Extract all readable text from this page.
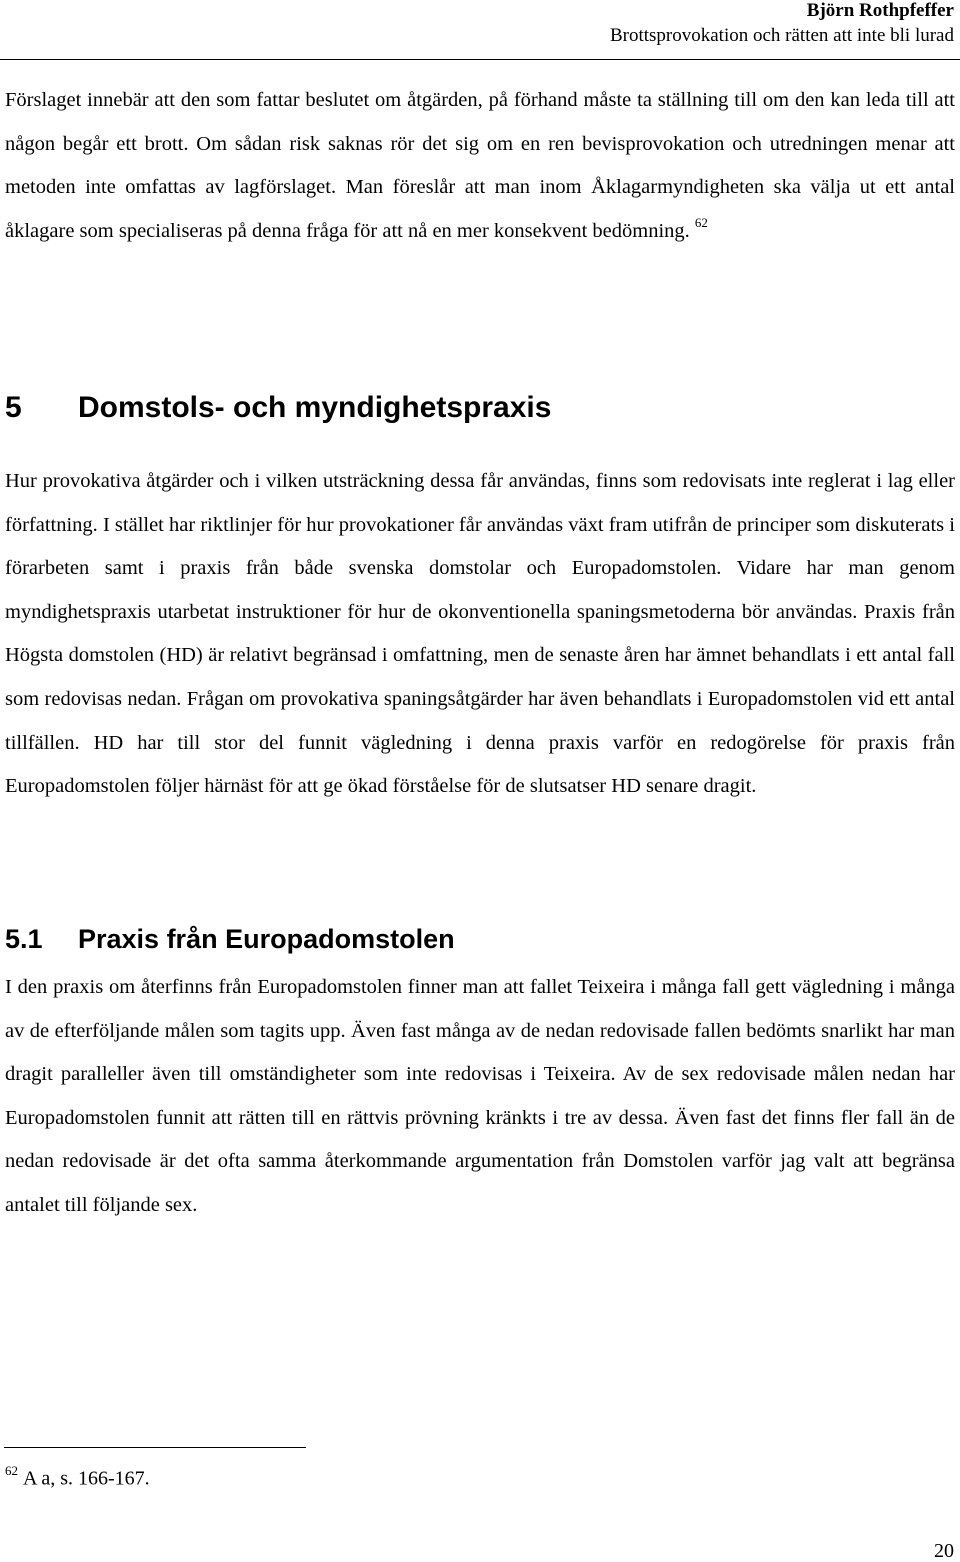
Björn Rothpfeffer
Brottsprovokation och rätten att inte bli lurad

Förslaget innebär att den som fattar beslutet om åtgärden, på förhand måste ta ställning till om den kan leda till att någon begår ett brott. Om sådan risk saknas rör det sig om en ren bevisprovokation och utredningen menar att metoden inte omfattas av lagförslaget. Man föreslår att man inom Åklagarmyndigheten ska välja ut ett antal åklagare som specialiseras på denna fråga för att nå en mer konsekvent bedömning. $^{62}$

5 Domstols- och myndighetspraxis

Hur provokativa åtgärder och i vilken utsträckning dessa får användas, finns som redovisats inte reglerat i lag eller författning. I stället har riktlinjer för hur provokationer får användas växt fram utifrån de principer som diskuterats i förarbeten samt i praxis från både svenska domstolar och Europadomstolen. Vidare har man genom myndighetspraxis utarbetat instruktioner för hur de okonventionella spaningsmetoderna bör användas. Praxis från Högsta domstolen (HD) är relativt begränsad i omfattning, men de senaste åren har ämnet behandlats i ett antal fall som redovisas nedan. Frågan om provokativa spaningsåtgärder har även behandlats i Europadomstolen vid ett antal tillfällen. HD har till stor del funnit vägledning i denna praxis varför en redogörelse för praxis från Europadomstolen följer härnäst för att ge ökad förståelse för de slutsatser HD senare dragit.

5.1 Praxis från Europadomstolen

I den praxis om återfinns från Europadomstolen finner man att fallet Teixeira i många fall gett vägledning i många av de efterföljande målen som tagits upp. Även fast många av de nedan redovisade fallen bedömts snarlikt har man dragit paralleller även till omständigheter som inte redovisas i Teixeira. Av de sex redovisade målen nedan har Europadomstolen funnit att rätten till en rättvis prövning kränkts i tre av dessa. Även fast det finns fler fall än de nedan redovisade är det ofta samma återkommande argumentation från Domstolen varför jag valt att begränsa antalet till följande sex.

$^{62}$ A a, s. 166-167.
20
